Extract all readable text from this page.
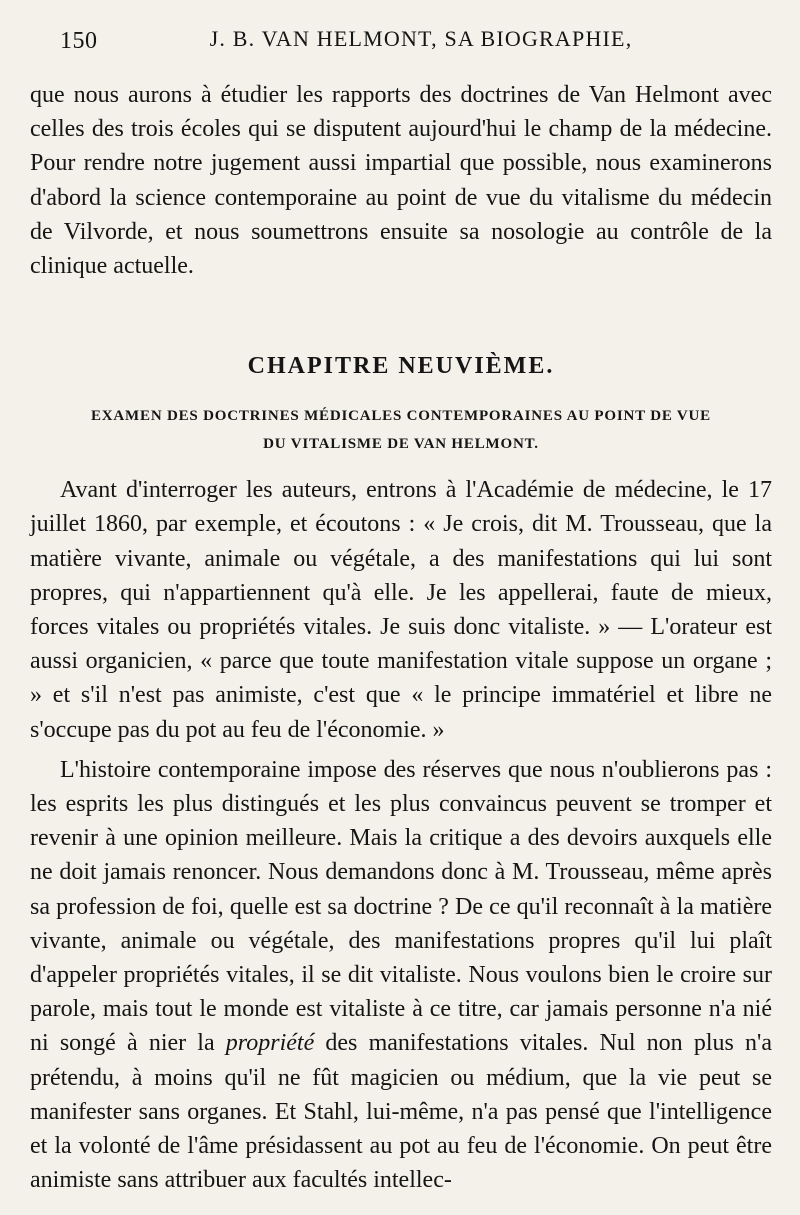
150	J. B. VAN HELMONT, SA BIOGRAPHIE,

que nous aurons à étudier les rapports des doctrines de Van Helmont avec celles des trois écoles qui se disputent aujourd'hui le champ de la médecine. Pour rendre notre jugement aussi impartial que possible, nous examinerons d'abord la science contemporaine au point de vue du vitalisme du médecin de Vilvorde, et nous soumettrons ensuite sa nosologie au contrôle de la clinique actuelle.

CHAPITRE NEUVIÈME.
EXAMEN DES DOCTRINES MÉDICALES CONTEMPORAINES AU POINT DE VUE
DU VITALISME DE VAN HELMONT.

Avant d'interroger les auteurs, entrons à l'Académie de médecine, le 17 juillet 1860, par exemple, et écoutons : « Je crois, dit M. Trousseau, que la matière vivante, animale ou végétale, a des manifestations qui lui sont propres, qui n'appartiennent qu'à elle. Je les appellerai, faute de mieux, forces vitales ou propriétés vitales. Je suis donc vitaliste. » — L'orateur est aussi organicien, « parce que toute manifestation vitale suppose un organe ; » et s'il n'est pas animiste, c'est que « le principe immatériel et libre ne s'occupe pas du pot au feu de l'économie. »

L'histoire contemporaine impose des réserves que nous n'oublierons pas : les esprits les plus distingués et les plus convaincus peuvent se tromper et revenir à une opinion meilleure. Mais la critique a des devoirs auxquels elle ne doit jamais renoncer. Nous demandons donc à M. Trousseau, même après sa profession de foi, quelle est sa doctrine ? De ce qu'il reconnaît à la matière vivante, animale ou végétale, des manifestations propres qu'il lui plaît d'appeler propriétés vitales, il se dit vitaliste. Nous voulons bien le croire sur parole, mais tout le monde est vitaliste à ce titre, car jamais personne n'a nié ni songé à nier la propriété des manifestations vitales. Nul non plus n'a prétendu, à moins qu'il ne fût magicien ou médium, que la vie peut se manifester sans organes. Et Stahl, lui-même, n'a pas pensé que l'intelligence et la volonté de l'âme présidassent au pot au feu de l'économie. On peut être animiste sans attribuer aux facultés intellec-
